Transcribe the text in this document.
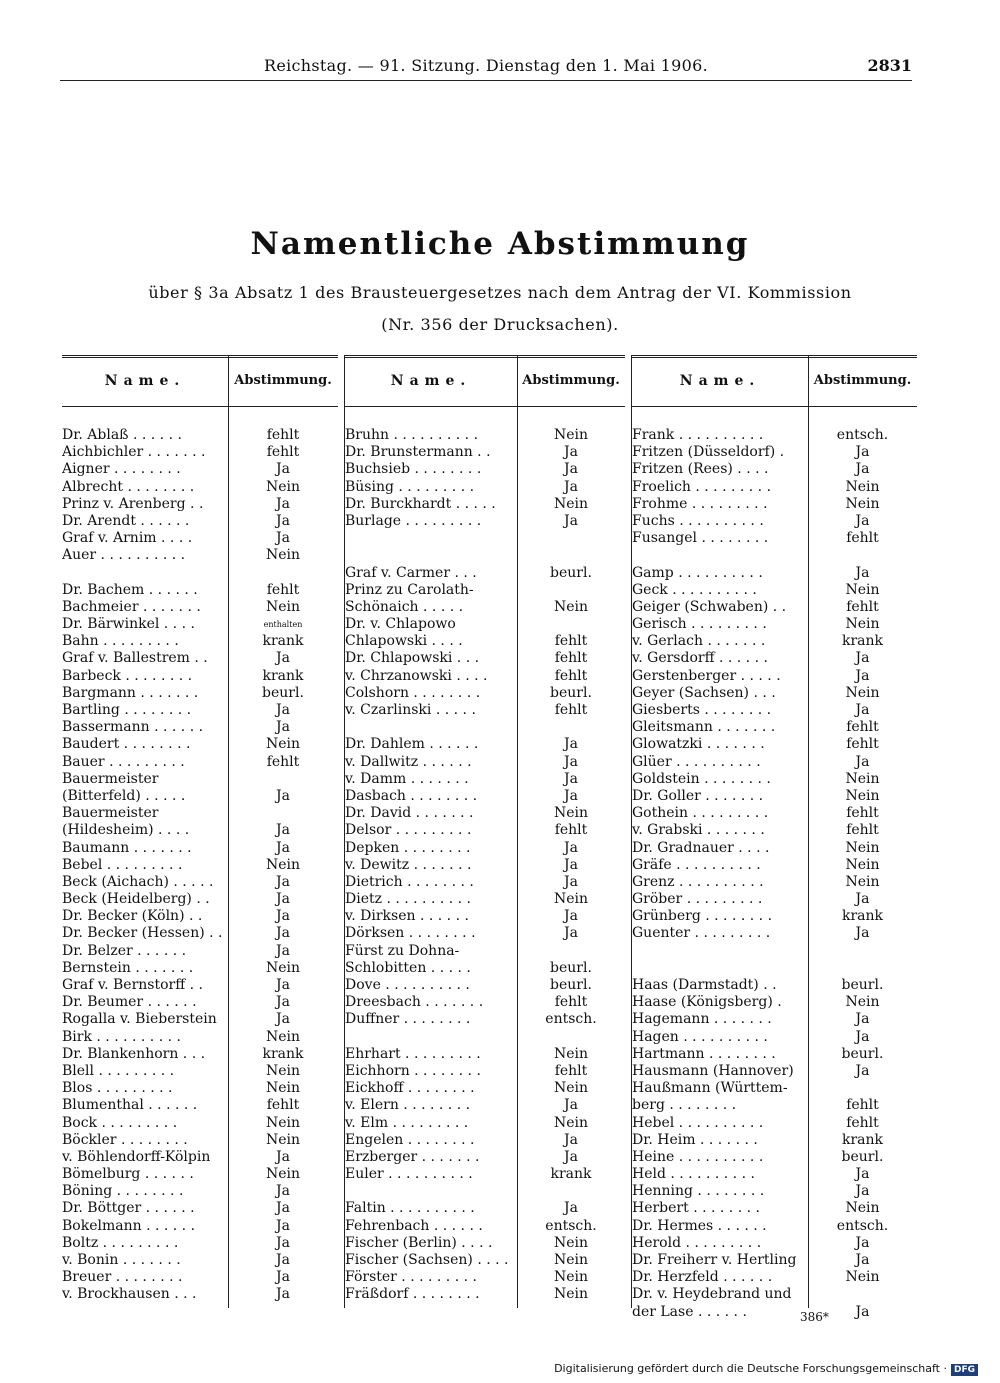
Reichstag. — 91. Sitzung. Dienstag den 1. Mai 1906.	2831
Namentliche Abstimmung
über § 3a Absatz 1 des Brausteuergesetzes nach dem Antrag der VI. Kommission
(Nr. 356 der Drucksachen).
Name.	Abstimmung.
Dr. Ablaß . . . . . .	fehlt
Aichbichler . . . . . . .	fehlt
Aigner . . . . . . . .	Ja
Albrecht . . . . . . . .	Nein
Prinz v. Arenberg . .	Ja
Dr. Arendt . . . . . .	Ja
Graf v. Arnim . . . .	Ja
Auer . . . . . . . . . .	Nein
Dr. Bachem . . . . . .	fehlt
Bachmeier . . . . . . .	Nein
Dr. Bärwinkel . . . .	enthalten
Bahn . . . . . . . . .	krank
Graf v. Ballestrem . .	Ja
Barbeck . . . . . . . .	krank
Bargmann . . . . . . .	beurl.
Bartling . . . . . . . .	Ja
Bassermann . . . . . .	Ja
Baudert . . . . . . . .	Nein
Bauer . . . . . . . . .	fehlt
Bauermeister
(Bitterfeld) . . . . .	Ja
Bauermeister
(Hildesheim) . . . .	Ja
Baumann . . . . . . .	Ja
Bebel . . . . . . . . .	Nein
Beck (Aichach) . . . . .	Ja
Beck (Heidelberg) . .	Ja
Dr. Becker (Köln) . .	Ja
Dr. Becker (Hessen) . .	Ja
Dr. Belzer . . . . . .	Ja
Bernstein . . . . . . .	Nein
Graf v. Bernstorff . .	Ja
Dr. Beumer . . . . . .	Ja
Rogalla v. Bieberstein	Ja
Birk . . . . . . . . . .	Nein
Dr. Blankenhorn . . .	krank
Blell . . . . . . . . .	Nein
Blos . . . . . . . . .	Nein
Blumenthal . . . . . .	fehlt
Bock . . . . . . . . .	Nein
Böckler . . . . . . . .	Nein
v. Böhlendorff-Kölpin	Ja
Bömelburg . . . . . .	Nein
Böning . . . . . . . .	Ja
Dr. Böttger . . . . . .	Ja
Bokelmann . . . . . .	Ja
Boltz . . . . . . . . .	Ja
v. Bonin . . . . . . .	Ja
Breuer . . . . . . . .	Ja
v. Brockhausen . . .	Ja
Name.	Abstimmung.
Bruhn . . . . . . . . . .	Nein
Dr. Brunstermann . .	Ja
Buchsieb . . . . . . . .	Ja
Büsing . . . . . . . . .	Ja
Dr. Burckhardt . . . . .	Nein
Burlage . . . . . . . . .	Ja
Graf v. Carmer . . .	beurl.
Prinz zu Carolath-
Schönaich . . . . .	Nein
Dr. v. Chlapowo
Chlapowski . . . .	fehlt
Dr. Chlapowski . . .	fehlt
v. Chrzanowski . . . .	fehlt
Colshorn . . . . . . . .	beurl.
v. Czarlinski . . . . .	fehlt
Dr. Dahlem . . . . . .	Ja
v. Dallwitz . . . . . .	Ja
v. Damm . . . . . . .	Ja
Dasbach . . . . . . . .	Ja
Dr. David . . . . . . .	Nein
Delsor . . . . . . . . .	fehlt
Depken . . . . . . . .	Ja
v. Dewitz . . . . . . .	Ja
Dietrich . . . . . . . .	Ja
Dietz . . . . . . . . . .	Nein
v. Dirksen . . . . . .	Ja
Dörksen . . . . . . . .	Ja
Fürst zu Dohna-
Schlobitten . . . . .	beurl.
Dove . . . . . . . . . .	beurl.
Dreesbach . . . . . . .	fehlt
Duffner . . . . . . . .	entsch.
Ehrhart . . . . . . . . .	Nein
Eichhorn . . . . . . . .	fehlt
Eickhoff . . . . . . . .	Nein
v. Elern . . . . . . . .	Ja
v. Elm . . . . . . . . .	Nein
Engelen . . . . . . . .	Ja
Erzberger . . . . . . .	Ja
Euler . . . . . . . . . .	krank
Faltin . . . . . . . . . .	Ja
Fehrenbach . . . . . .	entsch.
Fischer (Berlin) . . . .	Nein
Fischer (Sachsen) . . . .	Nein
Förster . . . . . . . . .	Nein
Fräßdorf . . . . . . . .	Nein
Name.	Abstimmung.
Frank . . . . . . . . . .	entsch.
Fritzen (Düsseldorf) .	Ja
Fritzen (Rees) . . . .	Ja
Froelich . . . . . . . . .	Nein
Frohme . . . . . . . . .	Nein
Fuchs . . . . . . . . . .	Ja
Fusangel . . . . . . . .	fehlt
Gamp . . . . . . . . . .	Ja
Geck . . . . . . . . . .	Nein
Geiger (Schwaben) . .	fehlt
Gerisch . . . . . . . . .	Nein
v. Gerlach . . . . . . .	krank
v. Gersdorff . . . . . .	Ja
Gerstenberger . . . . .	Ja
Geyer (Sachsen) . . .	Nein
Giesberts . . . . . . . .	Ja
Gleitsmann . . . . . . .	fehlt
Glowatzki . . . . . . .	fehlt
Glüer . . . . . . . . . .	Ja
Goldstein . . . . . . . .	Nein
Dr. Goller . . . . . . .	Nein
Gothein . . . . . . . . .	fehlt
v. Grabski . . . . . . .	fehlt
Dr. Gradnauer . . . .	Nein
Gräfe . . . . . . . . . .	Nein
Grenz . . . . . . . . . .	Nein
Gröber . . . . . . . . .	Ja
Grünberg . . . . . . . .	krank
Guenter . . . . . . . . .	Ja
Haas (Darmstadt) . .	beurl.
Haase (Königsberg) .	Nein
Hagemann . . . . . . .	Ja
Hagen . . . . . . . . . .	Ja
Hartmann . . . . . . . .	beurl.
Hausmann (Hannover)	Ja
Haußmann (Württem-
berg . . . . . . . .	fehlt
Hebel . . . . . . . . . .	fehlt
Dr. Heim . . . . . . .	krank
Heine . . . . . . . . . .	beurl.
Held . . . . . . . . . .	Ja
Henning . . . . . . . .	Ja
Herbert . . . . . . . .	Nein
Dr. Hermes . . . . . .	entsch.
Herold . . . . . . . . .	Ja
Dr. Freiherr v. Hertling	Ja
Dr. Herzfeld . . . . . .	Nein
Dr. v. Heydebrand und
der Lase . . . . . .	Ja
386*
Digitalisierung gefördert durch die Deutsche Forschungsgemeinschaft · DFG
